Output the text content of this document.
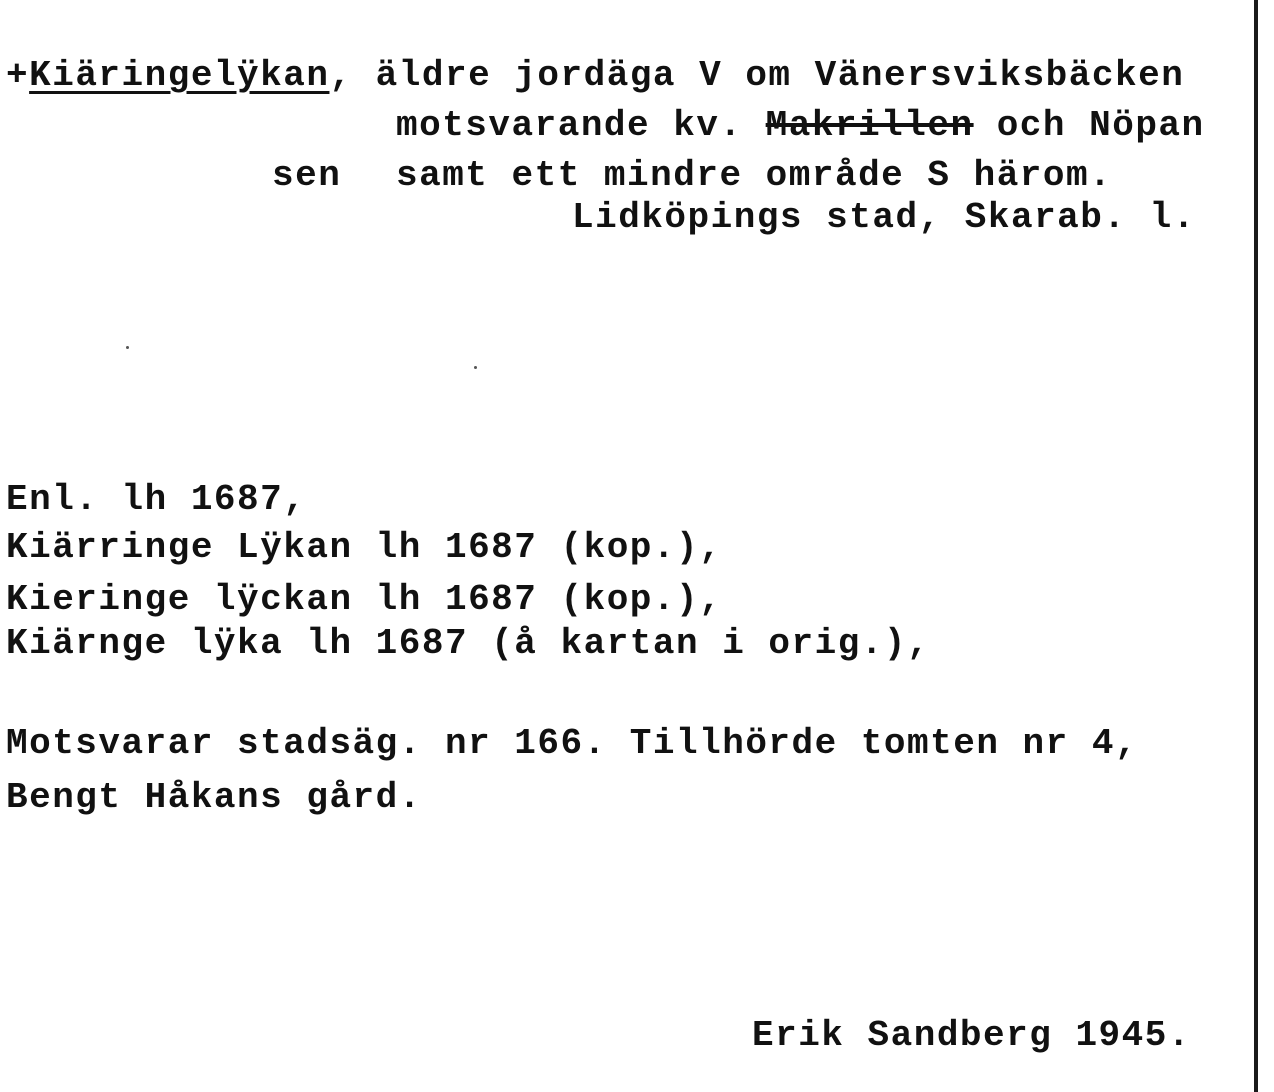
+Kiäringelÿkan, äldre jordäga V om Vänersviksbäcken
motsvarande kv. Makrillen och Nöpan
sen samt ett mindre område S härom.
Lidköpings stad, Skarab. l.
Enl. lh 1687,
Kiärringe Lÿkan lh 1687 (kop.),
Kieringe lÿckan lh 1687 (kop.),
Kiärnge lÿka lh 1687 (å kartan i orig.),
Motsvarar stadsäg. nr 166. Tillhörde tomten nr 4,
Bengt Håkans gård.
Erik Sandberg 1945.
